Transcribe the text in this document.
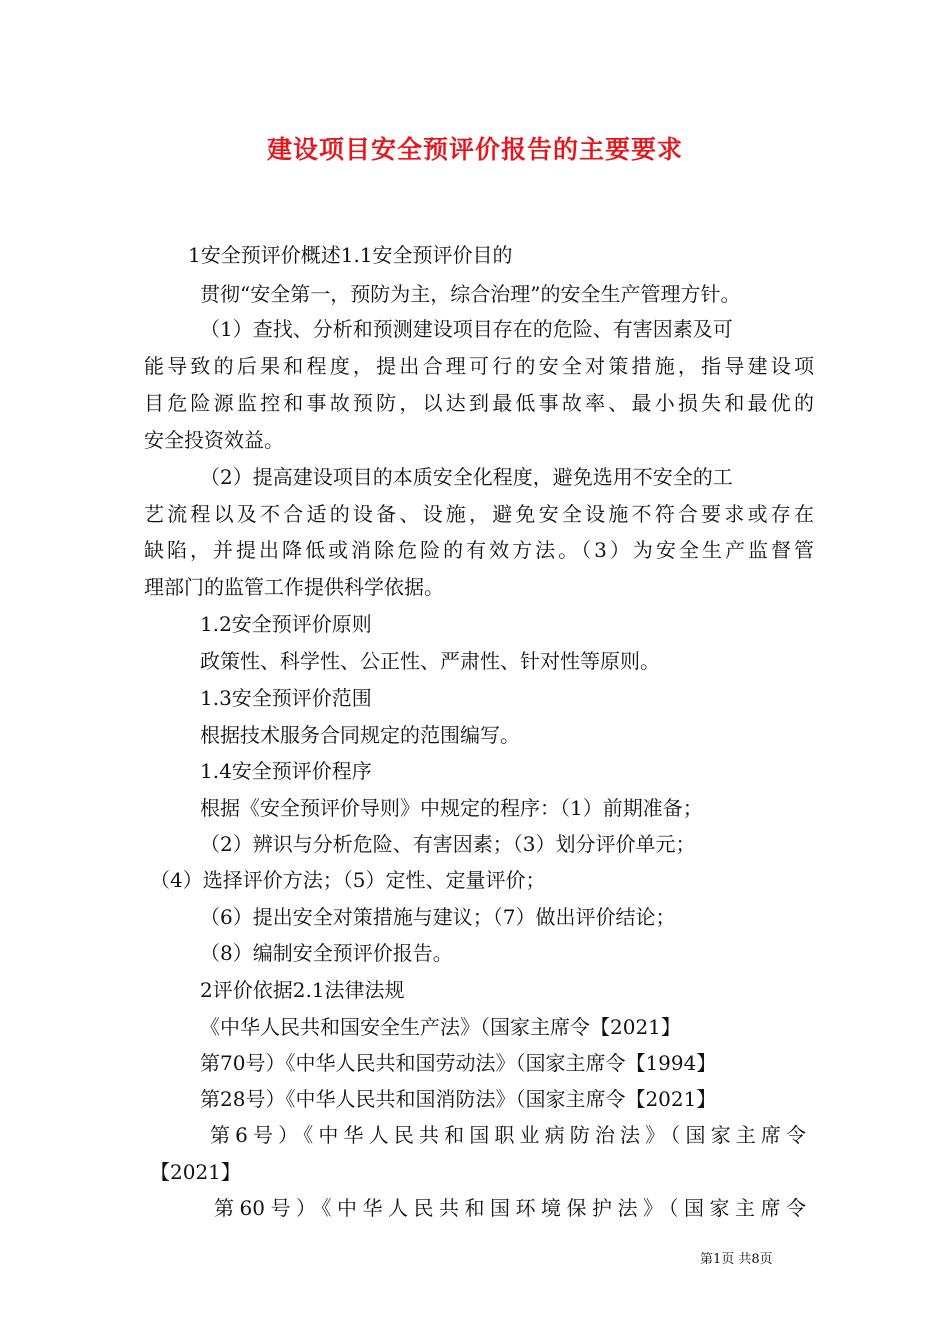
建设项目安全预评价报告的主要要求
1安全预评价概述1.1安全预评价目的
贯彻“安全第一，预防为主，综合治理”的安全生产管理方针。
（1）查找、分析和预测建设项目存在的危险、有害因素及可
能导致的后果和程度，提出合理可行的安全对策措施，指导建设项
目危险源监控和事故预防，以达到最低事故率、最小损失和最优的
安全投资效益。
（2）提高建设项目的本质安全化程度，避免选用不安全的工
艺流程以及不合适的设备、设施，避免安全设施不符合要求或存在
缺陷，并提出降低或消除危险的有效方法。（3）为安全生产监督管
理部门的监管工作提供科学依据。
1.2安全预评价原则
政策性、科学性、公正性、严肃性、针对性等原则。
1.3安全预评价范围
根据技术服务合同规定的范围编写。
1.4安全预评价程序
根据《安全预评价导则》中规定的程序：（1）前期准备；
（2）辨识与分析危险、有害因素；（3）划分评价单元；
（4）选择评价方法；（5）定性、定量评价；
（6）提出安全对策措施与建议；（7）做出评价结论；
（8）编制安全预评价报告。
2评价依据2.1法律法规
《中华人民共和国安全生产法》（国家主席令【2021】
第70号）《中华人民共和国劳动法》（国家主席令【1994】
第28号）《中华人民共和国消防法》（国家主席令【2021】
第6号）《中华人民共和国职业病防治法》（国家主席令
【2021】
第60号）《中华人民共和国环境保护法》（国家主席令
第1页 共8页
